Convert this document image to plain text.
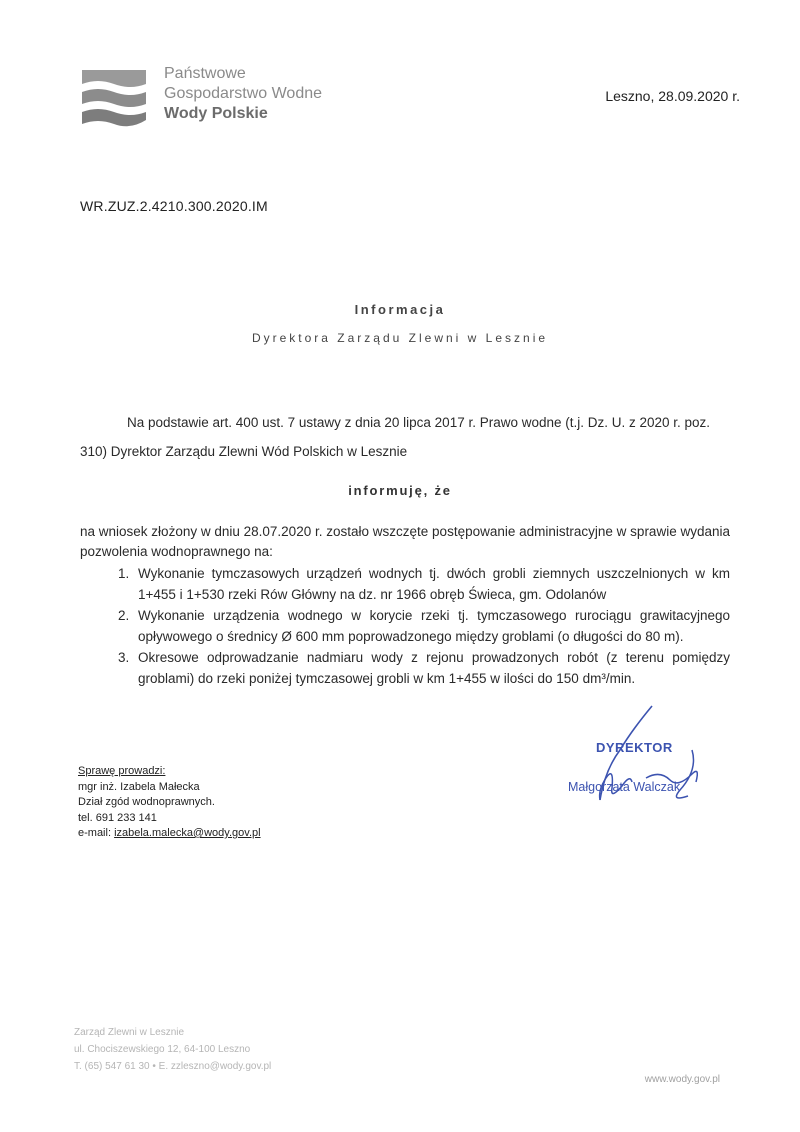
Państwowe
Gospodarstwo Wodne
Wody Polskie
Leszno, 28.09.2020 r.
WR.ZUZ.2.4210.300.2020.IM
Informacja
Dyrektora Zarządu Zlewni w Lesznie
Na podstawie art. 400 ust. 7 ustawy z dnia 20 lipca 2017 r. Prawo wodne (t.j. Dz. U. z 2020 r. poz.
310) Dyrektor Zarządu Zlewni Wód Polskich w Lesznie
informuję, że
na wniosek złożony w dniu 28.07.2020 r. zostało wszczęte postępowanie administracyjne w sprawie wydania pozwolenia wodnoprawnego na:
1. Wykonanie tymczasowych urządzeń wodnych tj. dwóch grobli ziemnych uszczelnionych w km 1+455 i 1+530 rzeki Rów Główny na dz. nr 1966 obręb Świeca, gm. Odolanów
2. Wykonanie urządzenia wodnego w korycie rzeki tj. tymczasowego rurociągu grawitacyjnego opływowego o średnicy Ø 600 mm poprowadzonego między groblami (o długości do 80 m).
3. Okresowe odprowadzanie nadmiaru wody z rejonu prowadzonych robót (z terenu pomiędzy groblami) do rzeki poniżej tymczasowej grobli w km 1+455 w ilości do 150 dm³/min.
Sprawę prowadzi:
mgr inż. Izabela Małecka
Dział zgód wodnoprawnych.
tel. 691 233 141
e-mail: izabela.malecka@wody.gov.pl
DYREKTOR
Małgorzata Walczak
Zarząd Zlewni w Lesznie
ul. Chociszewskiego 12, 64-100 Leszno
T. (65) 547 61 30 • E. zzleszno@wody.gov.pl
www.wody.gov.pl
